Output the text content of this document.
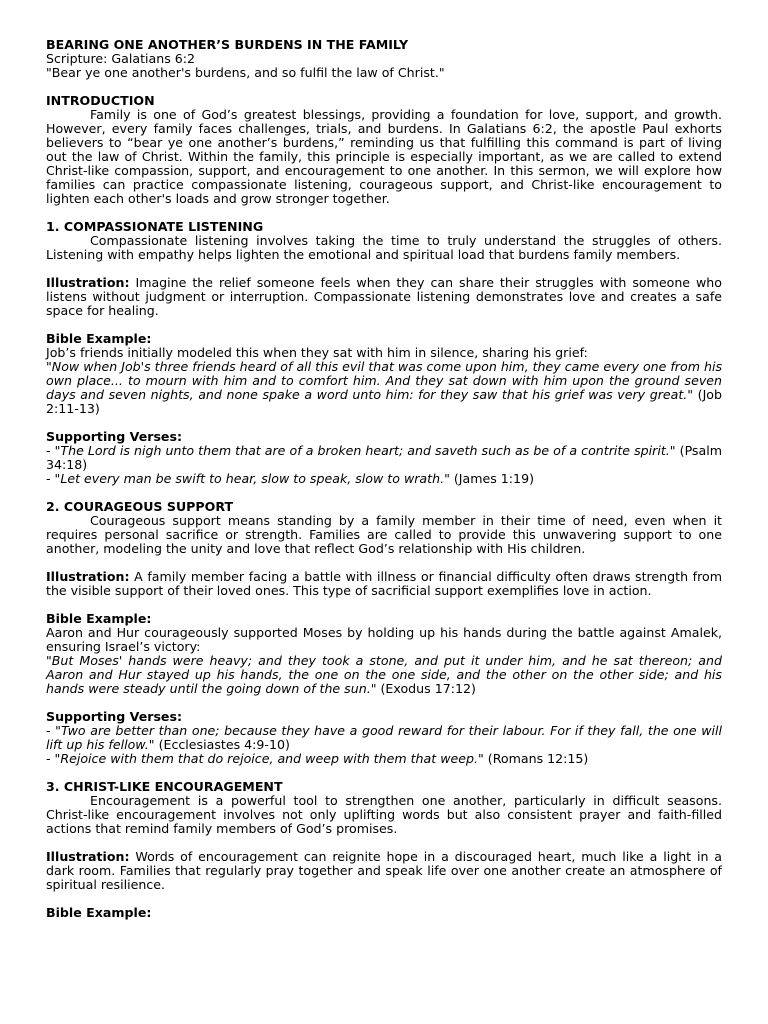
BEARING ONE ANOTHER’S BURDENS IN THE FAMILY
Scripture: Galatians 6:2
"Bear ye one another's burdens, and so fulfil the law of Christ."
INTRODUCTION
Family is one of God’s greatest blessings, providing a foundation for love, support, and growth. However, every family faces challenges, trials, and burdens. In Galatians 6:2, the apostle Paul exhorts believers to “bear ye one another’s burdens,” reminding us that fulfilling this command is part of living out the law of Christ. Within the family, this principle is especially important, as we are called to extend Christ-like compassion, support, and encouragement to one another. In this sermon, we will explore how families can practice compassionate listening, courageous support, and Christ-like encouragement to lighten each other's loads and grow stronger together.
1. COMPASSIONATE LISTENING
Compassionate listening involves taking the time to truly understand the struggles of others. Listening with empathy helps lighten the emotional and spiritual load that burdens family members.
Illustration: Imagine the relief someone feels when they can share their struggles with someone who listens without judgment or interruption. Compassionate listening demonstrates love and creates a safe space for healing.
Bible Example:
Job’s friends initially modeled this when they sat with him in silence, sharing his grief:
"Now when Job's three friends heard of all this evil that was come upon him, they came every one from his own place... to mourn with him and to comfort him. And they sat down with him upon the ground seven days and seven nights, and none spake a word unto him: for they saw that his grief was very great." (Job 2:11-13)
Supporting Verses:
- "The Lord is nigh unto them that are of a broken heart; and saveth such as be of a contrite spirit." (Psalm 34:18)
- "Let every man be swift to hear, slow to speak, slow to wrath." (James 1:19)
2. COURAGEOUS SUPPORT
Courageous support means standing by a family member in their time of need, even when it requires personal sacrifice or strength. Families are called to provide this unwavering support to one another, modeling the unity and love that reflect God’s relationship with His children.
Illustration: A family member facing a battle with illness or financial difficulty often draws strength from the visible support of their loved ones. This type of sacrificial support exemplifies love in action.
Bible Example:
Aaron and Hur courageously supported Moses by holding up his hands during the battle against Amalek, ensuring Israel’s victory:
"But Moses' hands were heavy; and they took a stone, and put it under him, and he sat thereon; and Aaron and Hur stayed up his hands, the one on the one side, and the other on the other side; and his hands were steady until the going down of the sun." (Exodus 17:12)
Supporting Verses:
- "Two are better than one; because they have a good reward for their labour. For if they fall, the one will lift up his fellow." (Ecclesiastes 4:9-10)
- "Rejoice with them that do rejoice, and weep with them that weep." (Romans 12:15)
3. CHRIST-LIKE ENCOURAGEMENT
Encouragement is a powerful tool to strengthen one another, particularly in difficult seasons. Christ-like encouragement involves not only uplifting words but also consistent prayer and faith-filled actions that remind family members of God’s promises.
Illustration: Words of encouragement can reignite hope in a discouraged heart, much like a light in a dark room. Families that regularly pray together and speak life over one another create an atmosphere of spiritual resilience.
Bible Example:
